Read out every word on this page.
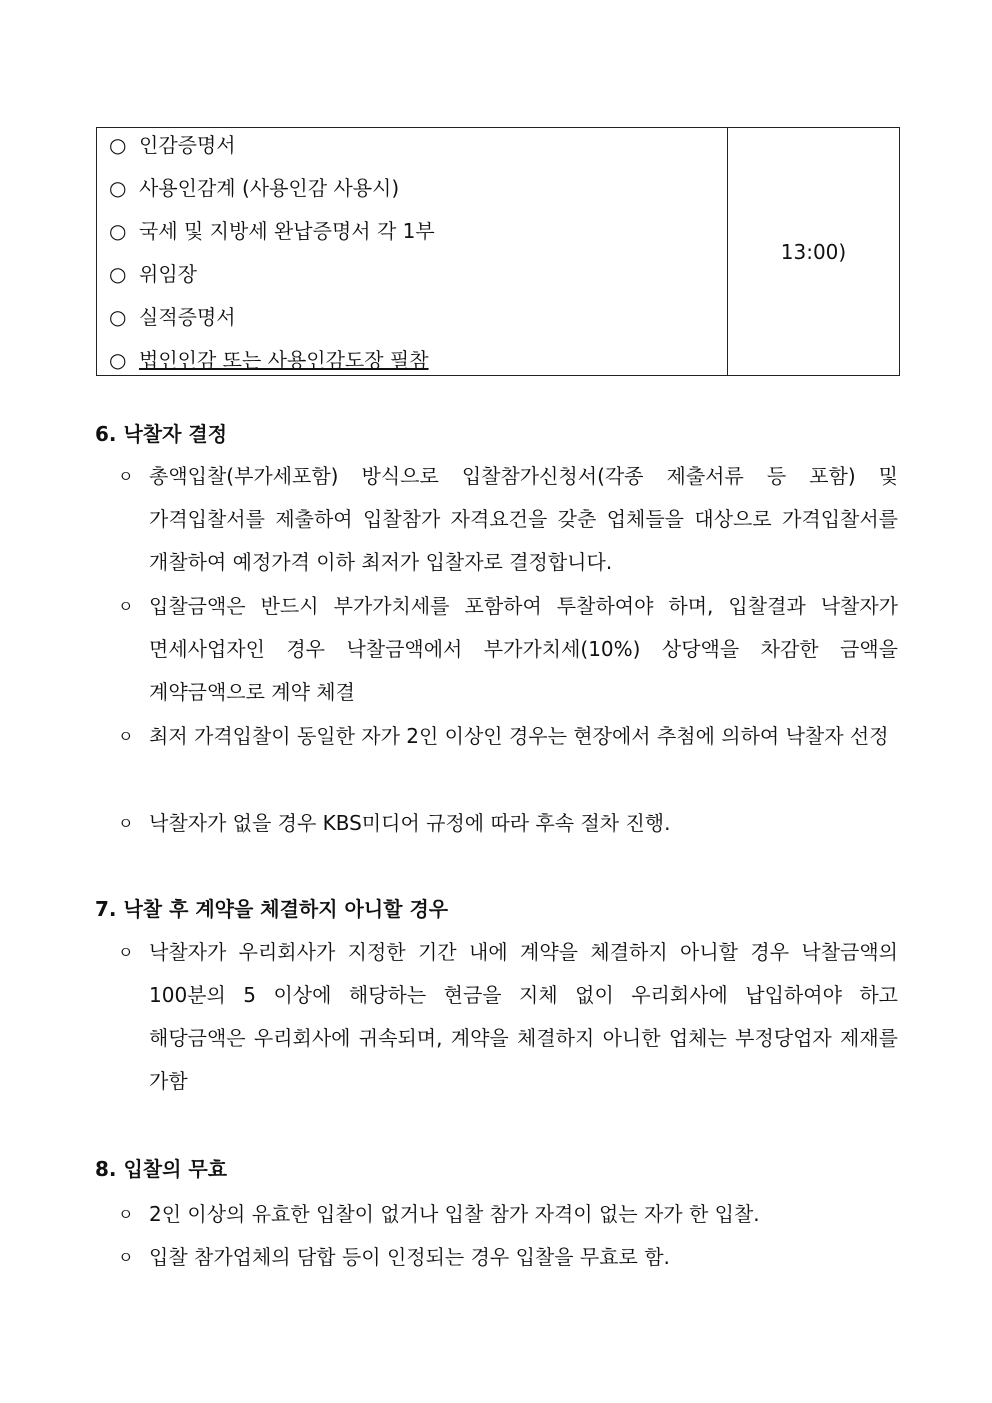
○ 인감증명서
○ 사용인감계 (사용인감 사용시)
○ 국세 및 지방세 완납증명서 각 1부
○ 위임장
○ 실적증명서
○ 법인인감 또는 사용인감도장 필참
13:00)
6. 낙찰자 결정
ㅇ 총액입찰(부가세포함) 방식으로 입찰참가신청서(각종 제출서류 등 포함) 및 가격입찰서를 제출하여 입찰참가 자격요건을 갖춘 업체들을 대상으로 가격입찰서를 개찰하여 예정가격 이하 최저가 입찰자로 결정합니다.
ㅇ 입찰금액은 반드시 부가가치세를 포함하여 투찰하여야 하며, 입찰결과 낙찰자가 면세사업자인 경우 낙찰금액에서 부가가치세(10%) 상당액을 차감한 금액을 계약금액으로 계약 체결
ㅇ 최저 가격입찰이 동일한 자가 2인 이상인 경우는 현장에서 추첨에 의하여 낙찰자 선정
ㅇ 낙찰자가 없을 경우 KBS미디어 규정에 따라 후속 절차 진행.
7. 낙찰 후 계약을 체결하지 아니할 경우
ㅇ 낙찰자가 우리회사가 지정한 기간 내에 계약을 체결하지 아니할 경우 낙찰금액의 100분의 5 이상에 해당하는 현금을 지체 없이 우리회사에 납입하여야 하고 해당금액은 우리회사에 귀속되며, 계약을 체결하지 아니한 업체는 부정당업자 제재를 가함
8. 입찰의 무효
ㅇ 2인 이상의 유효한 입찰이 없거나 입찰 참가 자격이 없는 자가 한 입찰.
ㅇ 입찰 참가업체의 담합 등이 인정되는 경우 입찰을 무효로 함.
